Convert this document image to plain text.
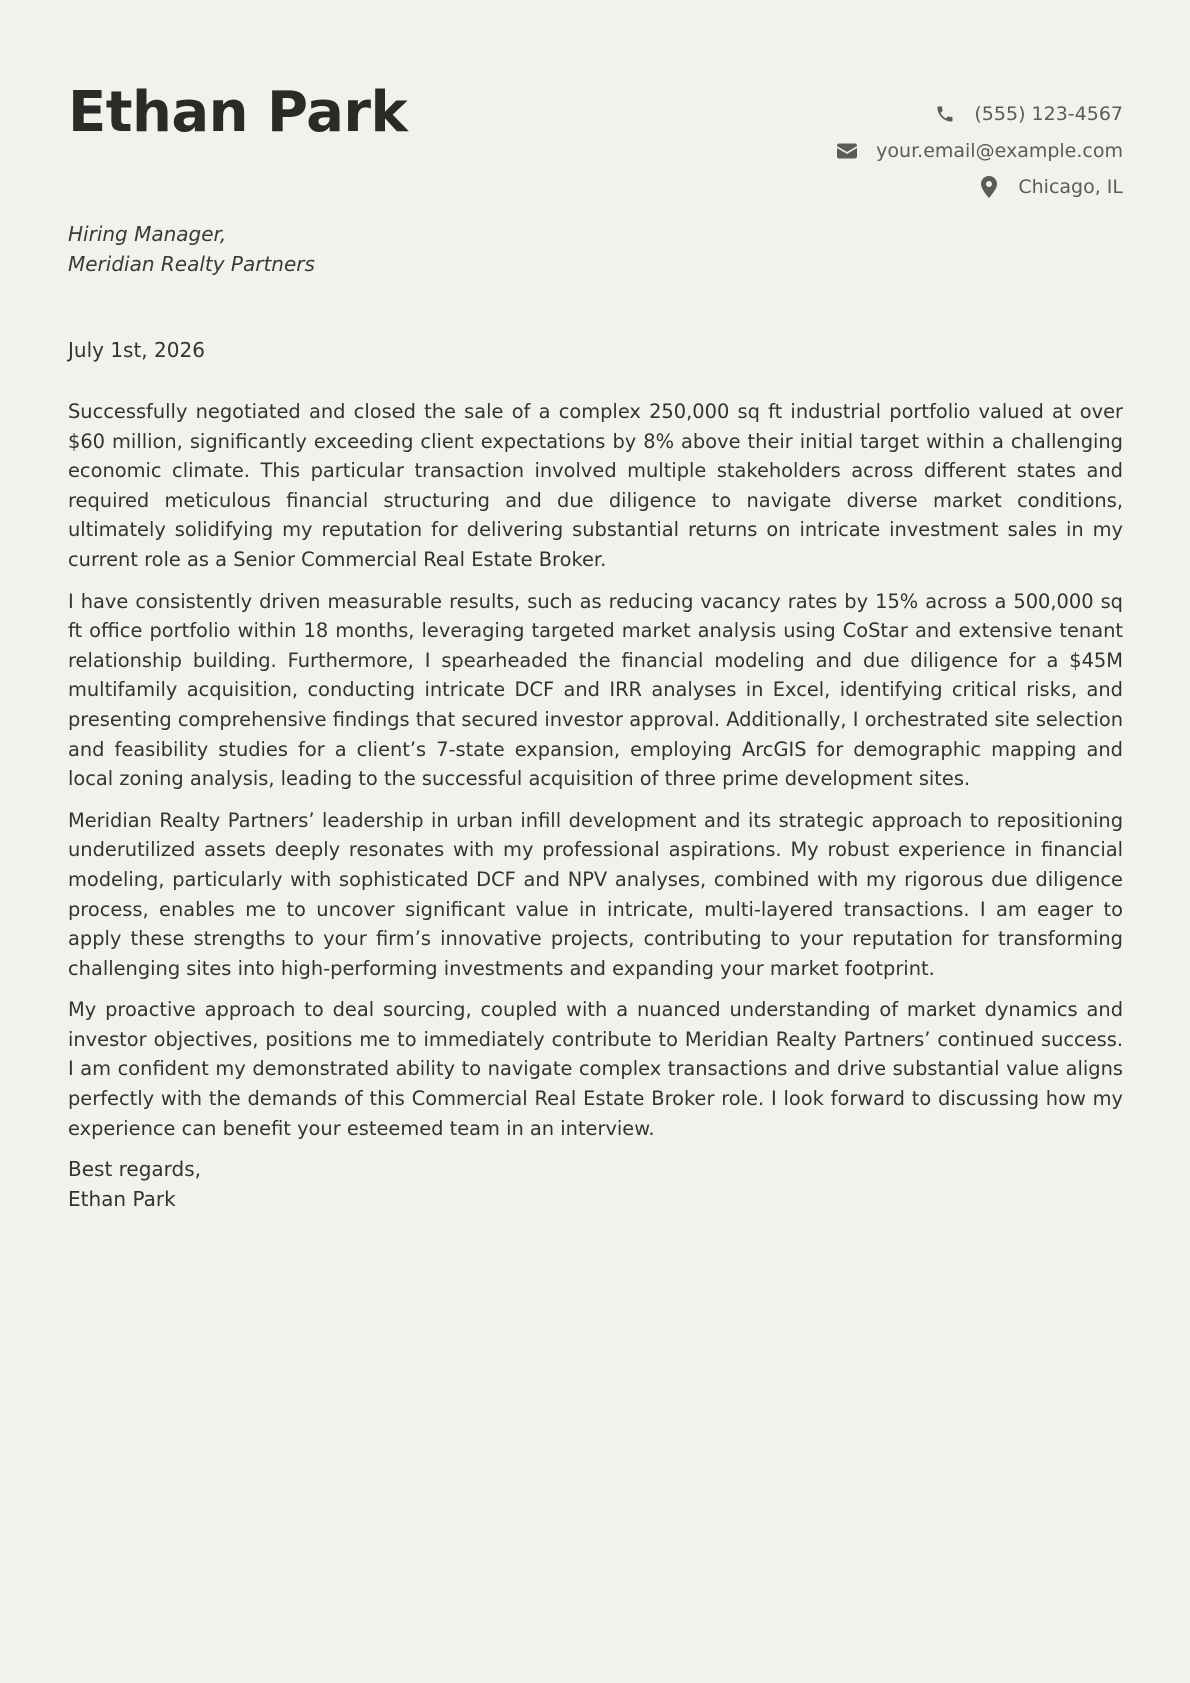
Ethan Park	(555) 123-4567
your.email@example.com
Chicago, IL
Hiring Manager,
Meridian Realty Partners
July 1st, 2026

Successfully negotiated and closed the sale of a complex 250,000 sq ft industrial portfolio valued at over $60 million, significantly exceeding client expectations by 8% above their initial target within a challenging economic climate. This particular transaction involved multiple stakeholders across different states and required meticulous financial structuring and due diligence to navigate diverse market conditions, ultimately solidifying my reputation for delivering substantial returns on intricate investment sales in my current role as a Senior Commercial Real Estate Broker.

I have consistently driven measurable results, such as reducing vacancy rates by 15% across a 500,000 sq ft office portfolio within 18 months, leveraging targeted market analysis using CoStar and extensive tenant relationship building. Furthermore, I spearheaded the financial modeling and due diligence for a $45M multifamily acquisition, conducting intricate DCF and IRR analyses in Excel, identifying critical risks, and presenting comprehensive findings that secured investor approval. Additionally, I orchestrated site selection and feasibility studies for a client’s 7-state expansion, employing ArcGIS for demographic mapping and local zoning analysis, leading to the successful acquisition of three prime development sites.

Meridian Realty Partners’ leadership in urban infill development and its strategic approach to repositioning underutilized assets deeply resonates with my professional aspirations. My robust experience in financial modeling, particularly with sophisticated DCF and NPV analyses, combined with my rigorous due diligence process, enables me to uncover significant value in intricate, multi-layered transactions. I am eager to apply these strengths to your firm’s innovative projects, contributing to your reputation for transforming challenging sites into high-performing investments and expanding your market footprint.

My proactive approach to deal sourcing, coupled with a nuanced understanding of market dynamics and investor objectives, positions me to immediately contribute to Meridian Realty Partners’ continued success. I am confident my demonstrated ability to navigate complex transactions and drive substantial value aligns perfectly with the demands of this Commercial Real Estate Broker role. I look forward to discussing how my experience can benefit your esteemed team in an interview.

Best regards,
Ethan Park
